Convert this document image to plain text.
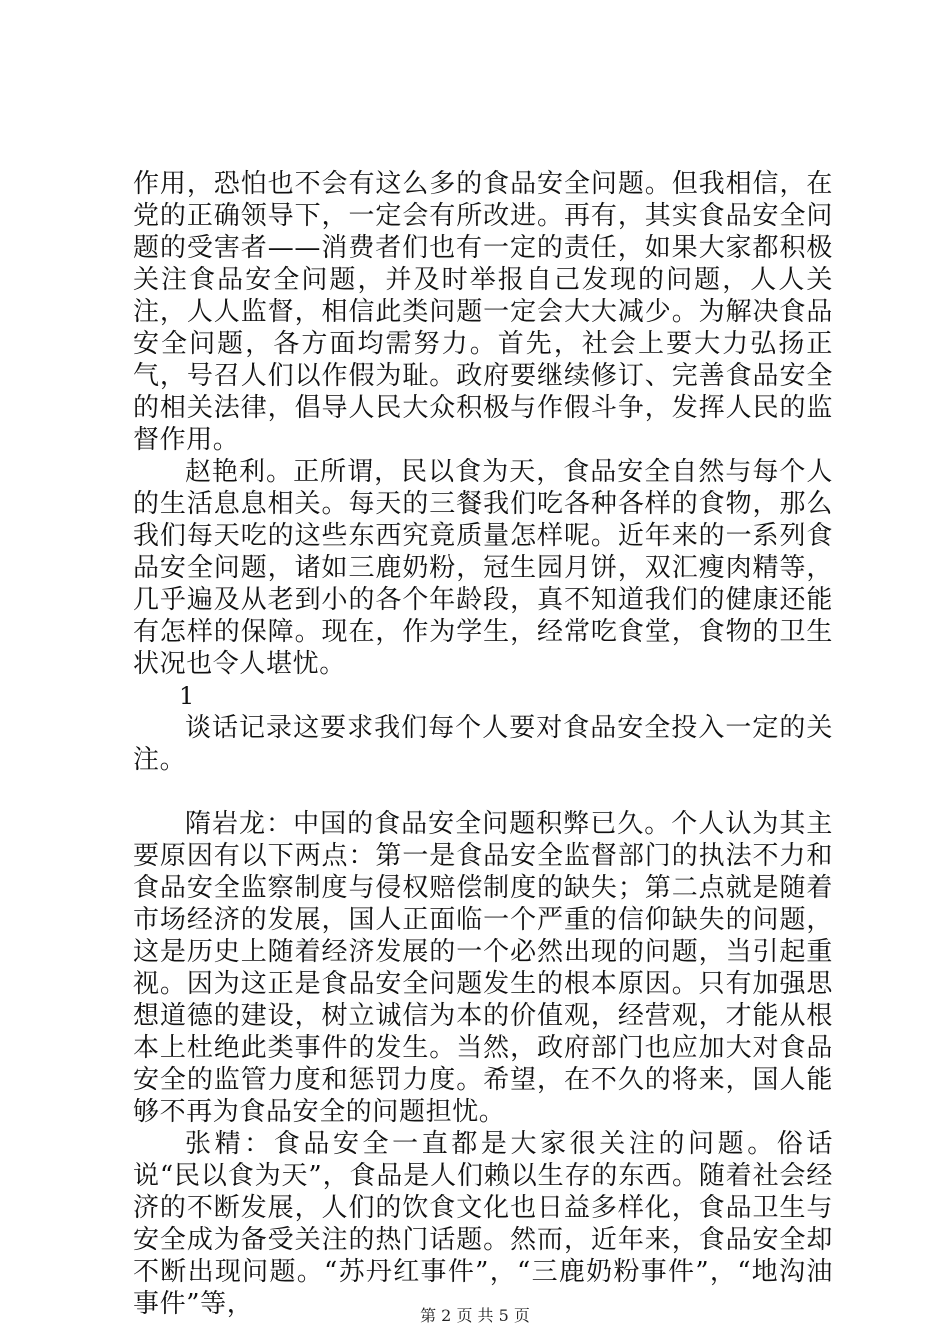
作用，恐怕也不会有这么多的食品安全问题。但我相信，在党的正确领导下，一定会有所改进。再有，其实食品安全问题的受害者——消费者们也有一定的责任，如果大家都积极关注食品安全问题，并及时举报自己发现的问题，人人关注，人人监督，相信此类问题一定会大大减少。为解决食品安全问题，各方面均需努力。首先，社会上要大力弘扬正气，号召人们以作假为耻。政府要继续修订、完善食品安全的相关法律，倡导人民大众积极与作假斗争，发挥人民的监督作用。

赵艳利。正所谓，民以食为天，食品安全自然与每个人的生活息息相关。每天的三餐我们吃各种各样的食物，那么我们每天吃的这些东西究竟质量怎样呢。近年来的一系列食品安全问题，诸如三鹿奶粉，冠生园月饼，双汇瘦肉精等，几乎遍及从老到小的各个年龄段，真不知道我们的健康还能有怎样的保障。现在，作为学生，经常吃食堂，食物的卫生状况也令人堪忧。

1

谈话记录这要求我们每个人要对食品安全投入一定的关注。

隋岩龙：中国的食品安全问题积弊已久。个人认为其主要原因有以下两点：第一是食品安全监督部门的执法不力和食品安全监察制度与侵权赔偿制度的缺失；第二点就是随着市场经济的发展，国人正面临一个严重的信仰缺失的问题，这是历史上随着经济发展的一个必然出现的问题，当引起重视。因为这正是食品安全问题发生的根本原因。只有加强思想道德的建设，树立诚信为本的价值观，经营观，才能从根本上杜绝此类事件的发生。当然，政府部门也应加大对食品安全的监管力度和惩罚力度。希望，在不久的将来，国人能够不再为食品安全的问题担忧。

张精：食品安全一直都是大家很关注的问题。俗话说“民以食为天”，食品是人们赖以生存的东西。随着社会经济的不断发展，人们的饮食文化也日益多样化，食品卫生与安全成为备受关注的热门话题。然而，近年来，食品安全却不断出现问题。“苏丹红事件”，“三鹿奶粉事件”，“地沟油事件”等，	第 2 页 共 5 页
